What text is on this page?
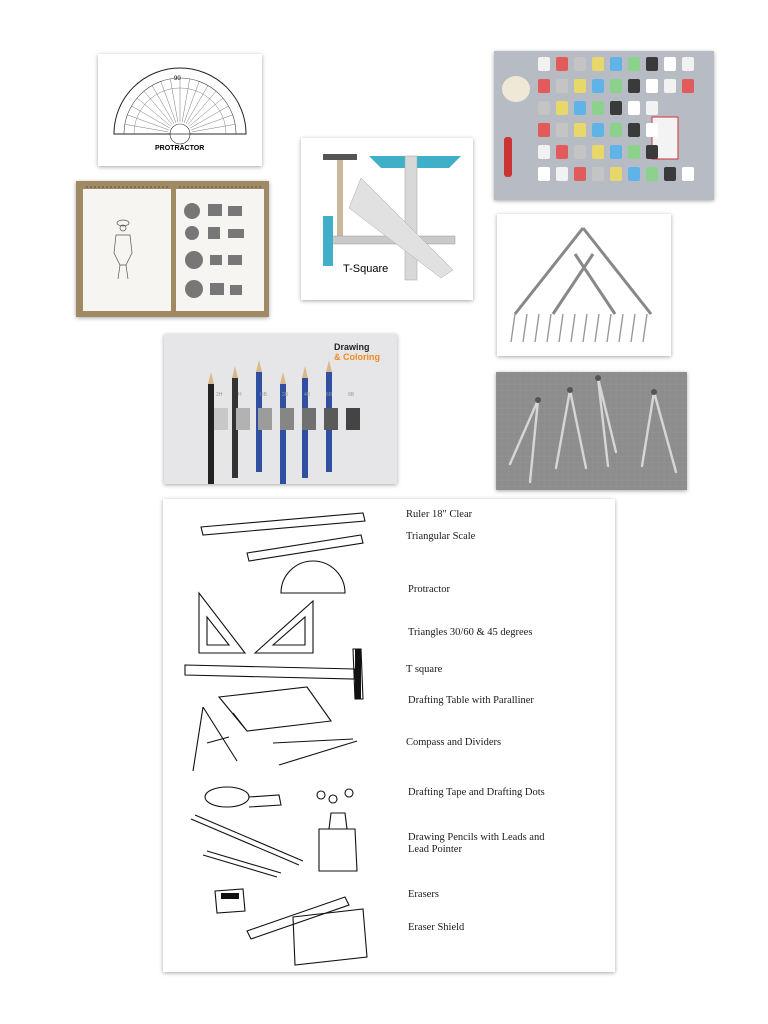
90
PROTRACTOR
T-Square
Drawing
& Coloring
2H	H	HB	2B	4B	6B	8B
Ruler 18" Clear
Triangular Scale
Protractor
Triangles 30/60 & 45 degrees
T square
Drafting Table with Paralliner
Compass and Dividers
Drafting Tape and Drafting Dots
Drawing Pencils with Leads and
Lead Pointer
Erasers
Eraser Shield
